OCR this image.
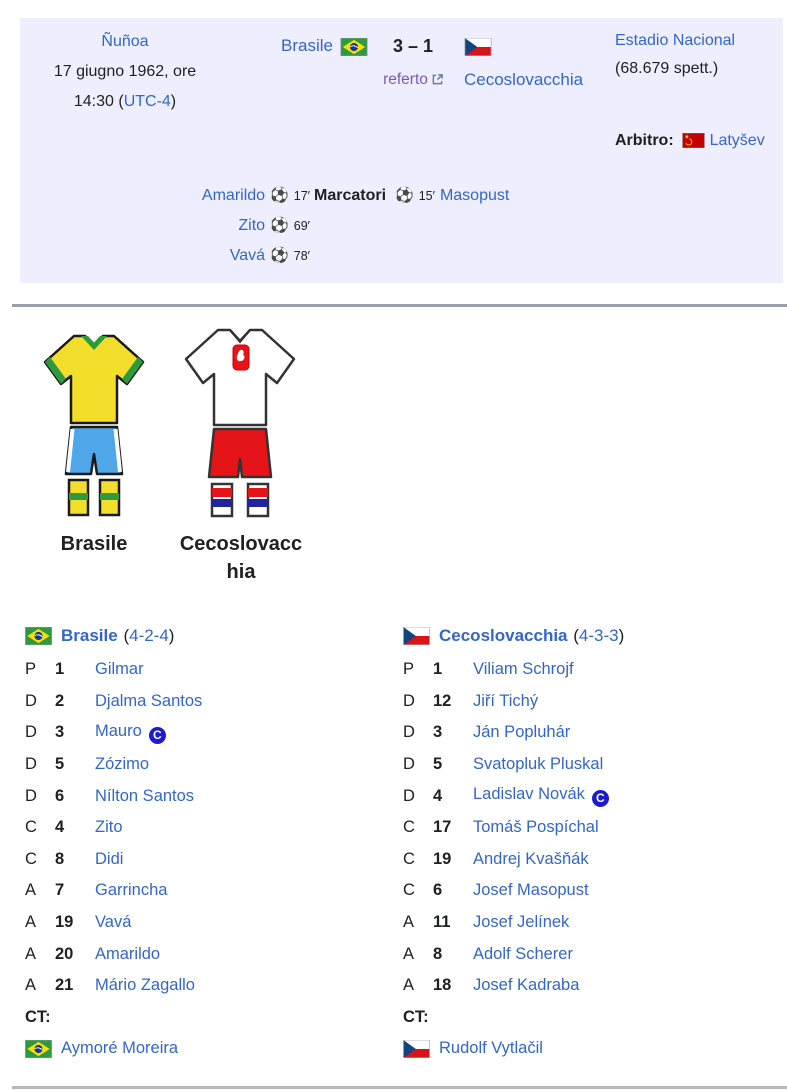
Ñuñoa
17 giugno 1962, ore
14:30 (UTC-4)
Brasile	3 – 1
referto	Cecoslovacchia
Estadio Nacional (68.679 spett.)
Arbitro: Latyšev
Amarildo ⚽ 17′
Zito ⚽ 69′
Vavá ⚽ 78′
Marcatori ⚽ 15′ Masopust
Brasile	Cecoslovacchia
Brasile (4-2-4)
P	1	Gilmar
D	2	Djalma Santos
D	3	Mauro C
D	5	Zózimo
D	6	Nílton Santos
C	4	Zito
C	8	Didi
A	7	Garrincha
A	19	Vavá
A	20	Amarildo
A	21	Mário Zagallo
CT:
Aymoré Moreira
Cecoslovacchia (4-3-3)
P	1	Viliam Schrojf
D	12	Jiří Tichý
D	3	Ján Popluhár
D	5	Svatopluk Pluskal
D	4	Ladislav Novák C
C	17	Tomáš Pospíchal
C	19	Andrej Kvašňák
C	6	Josef Masopust
A	11	Josef Jelínek
A	8	Adolf Scherer
A	18	Josef Kadraba
CT:
Rudolf Vytlačil
